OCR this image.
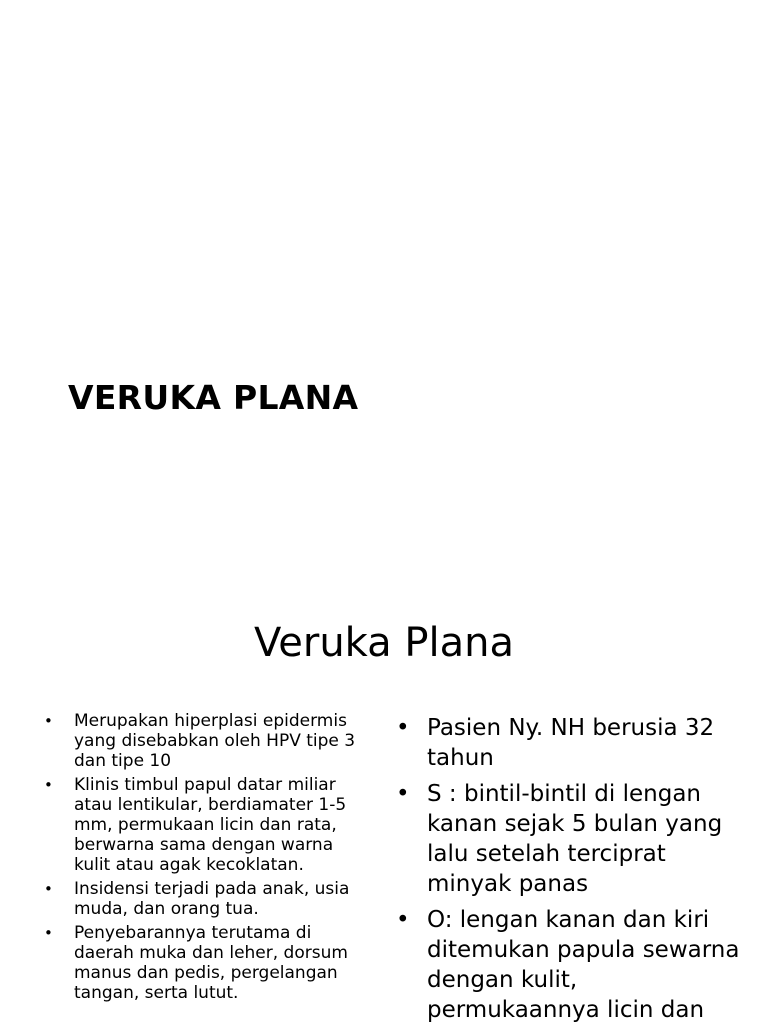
VERUKA PLANA
Veruka Plana
• Merupakan hiperplasi epidermis yang disebabkan oleh HPV tipe 3 dan tipe 10
• Klinis timbul papul datar miliar atau lentikular, berdiamater 1-5 mm, permukaan licin dan rata, berwarna sama dengan warna kulit atau agak kecoklatan.
• Insidensi terjadi pada anak, usia muda, dan orang tua.
• Penyebarannya terutama di daerah muka dan leher, dorsum manus dan pedis, pergelangan tangan, serta lutut.
• Pasien Ny. NH berusia 32 tahun
• S : bintil-bintil di lengan kanan sejak 5 bulan yang lalu setelah terciprat minyak panas
• O: lengan kanan dan kiri ditemukan papula sewarna dengan kulit, permukaannya licin dan
